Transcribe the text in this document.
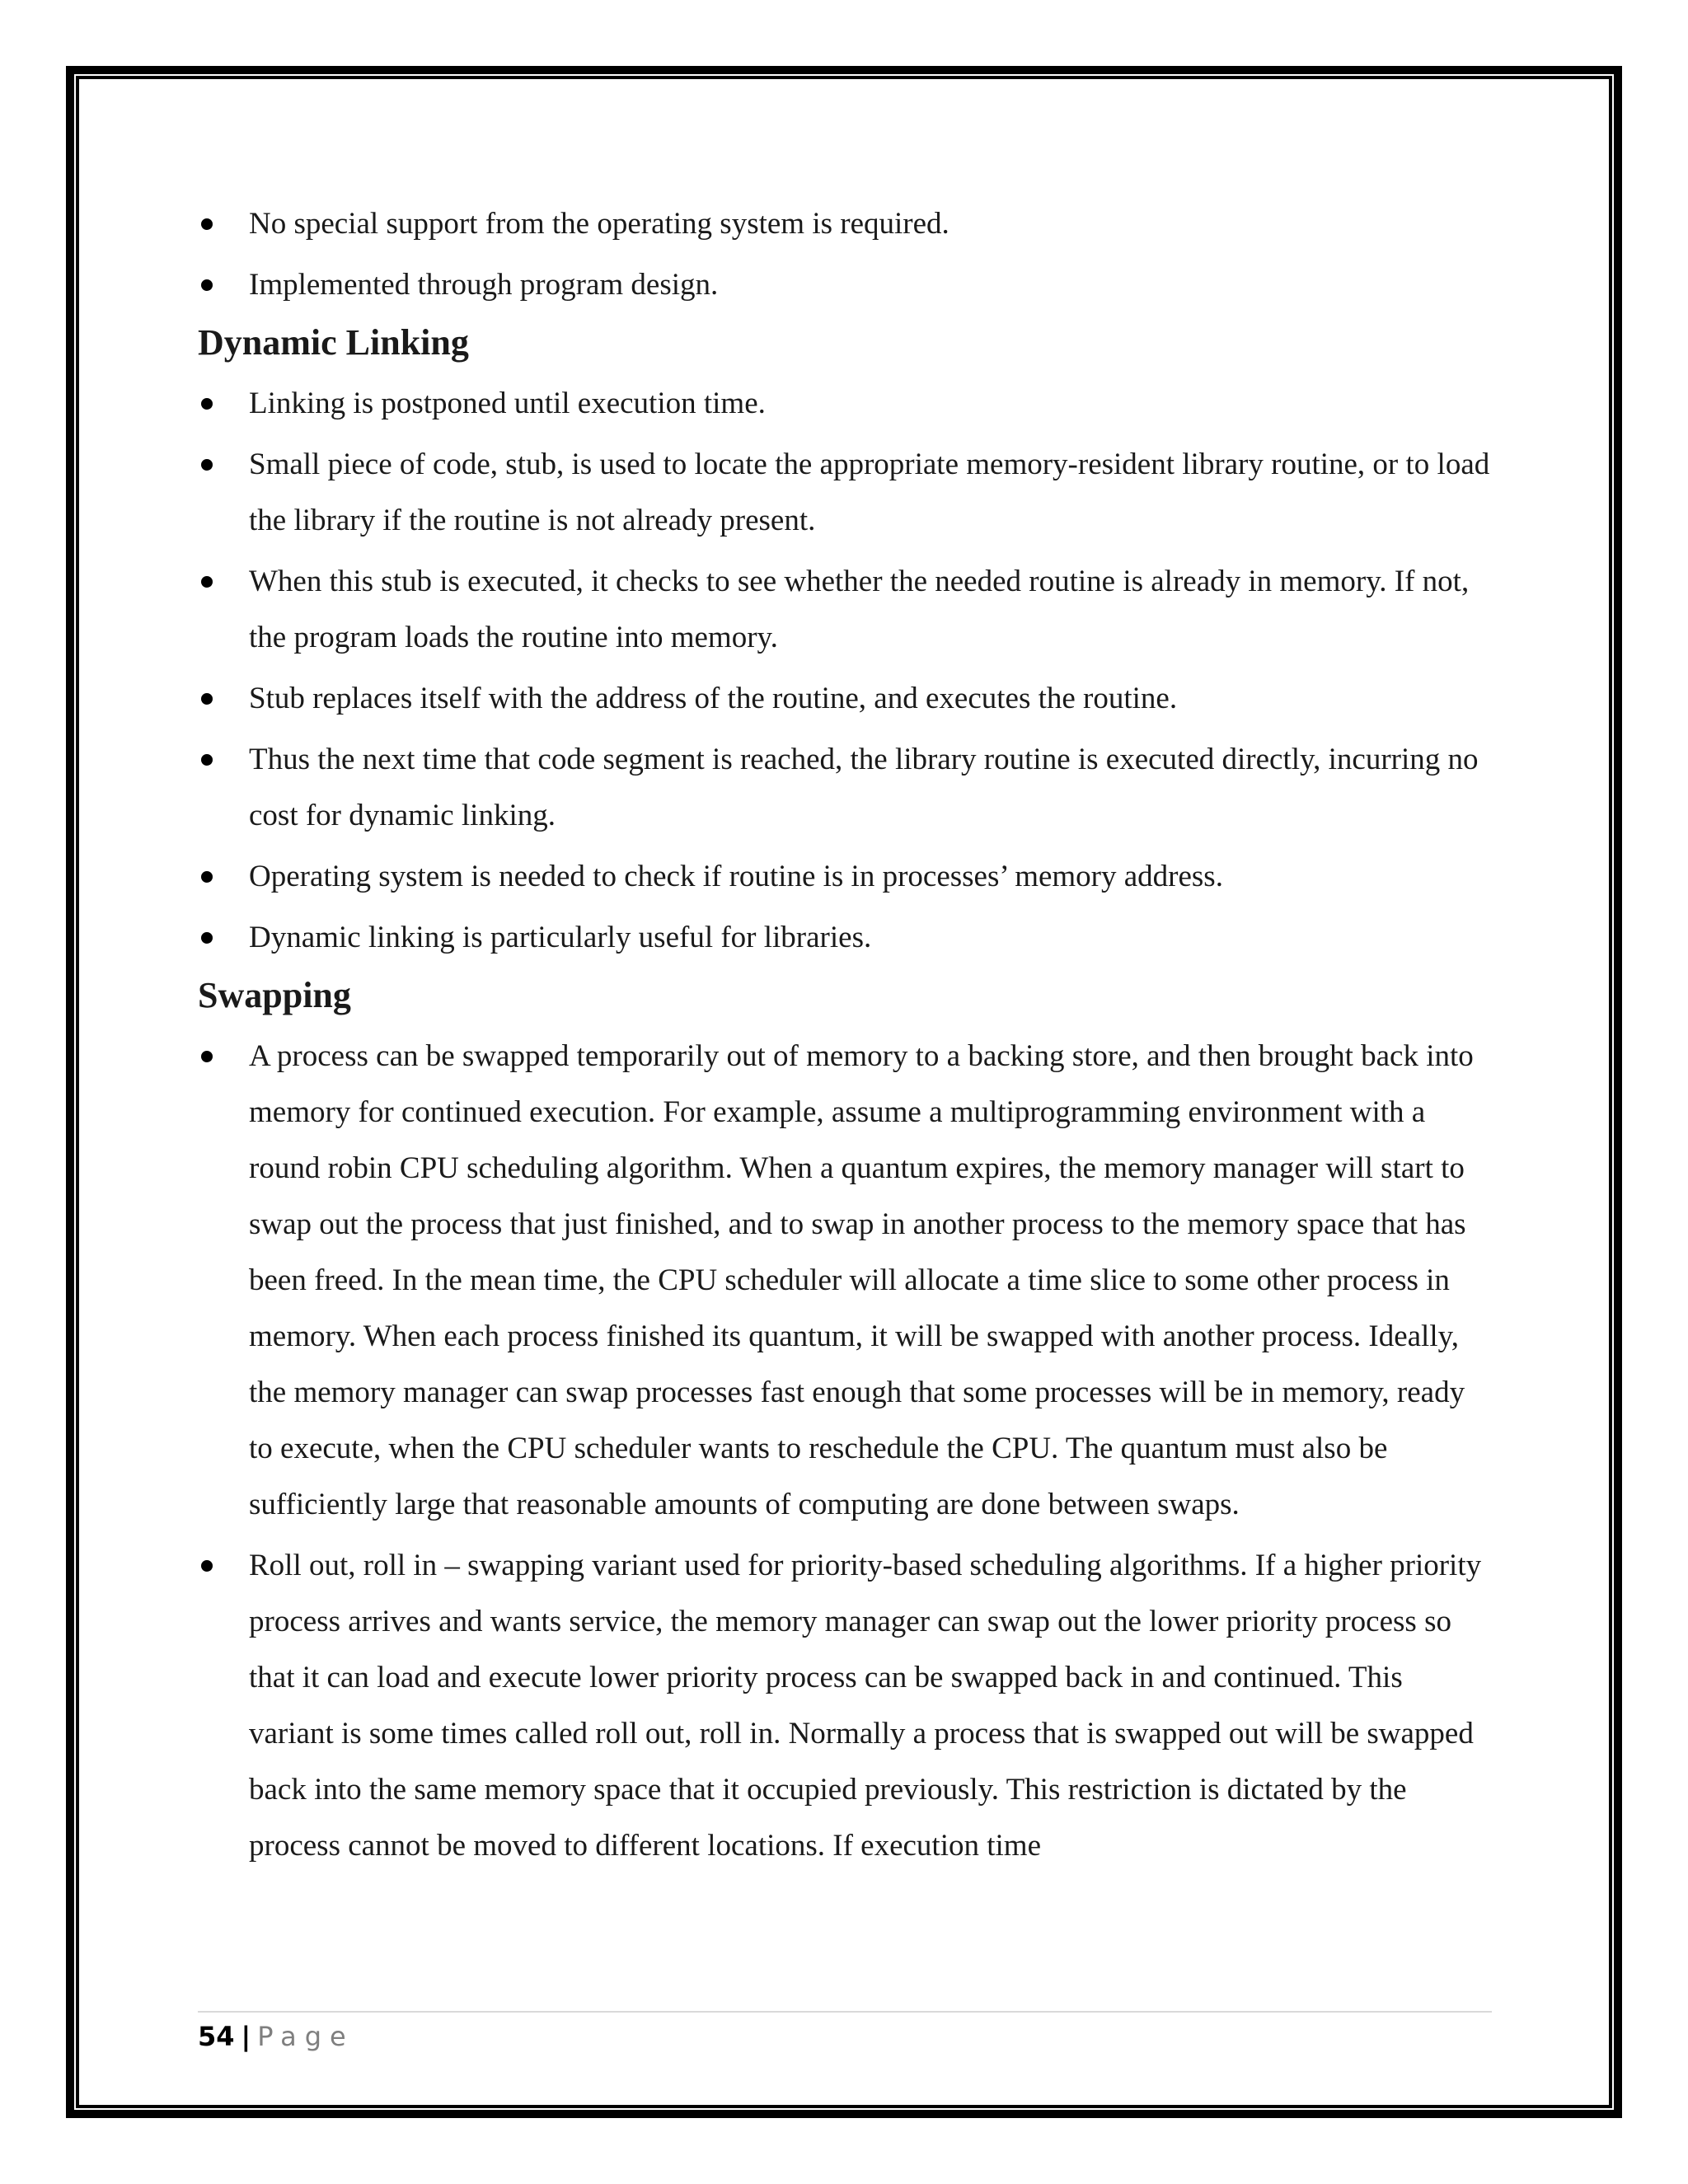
No special support from the operating system is required.
Implemented through program design.
Dynamic Linking
Linking is postponed until execution time.
Small piece of code, stub, is used to locate the appropriate memory-resident library routine, or to load the library if the routine is not already present.
When this stub is executed, it checks to see whether the needed routine is already in memory. If not, the program loads the routine into memory.
Stub replaces itself with the address of the routine, and executes the routine.
Thus the next time that code segment is reached, the library routine is executed directly, incurring no cost for dynamic linking.
Operating system is needed to check if routine is in processes’ memory address.
Dynamic linking is particularly useful for libraries.
Swapping
A process can be swapped temporarily out of memory to a backing store, and then brought back into memory for continued execution. For example, assume a multiprogramming environment with a round robin CPU scheduling algorithm. When a quantum expires, the memory manager will start to swap out the process that just finished, and to swap in another process to the memory space that has been freed. In the mean time, the CPU scheduler will allocate a time slice to some other process in memory. When each process finished its quantum, it will be swapped with another process. Ideally, the memory manager can swap processes fast enough that some processes will be in memory, ready to execute, when the CPU scheduler wants to reschedule the CPU. The quantum must also be sufficiently large that reasonable amounts of computing are done between swaps.
Roll out, roll in – swapping variant used for priority-based scheduling algorithms. If a higher priority process arrives and wants service, the memory manager can swap out the lower priority process so that it can load and execute lower priority process can be swapped back in and continued. This variant is some times called roll out, roll in. Normally a process that is swapped out will be swapped back into the same memory space that it occupied previously. This restriction is dictated by the process cannot be moved to different locations. If execution time
54 | Page
